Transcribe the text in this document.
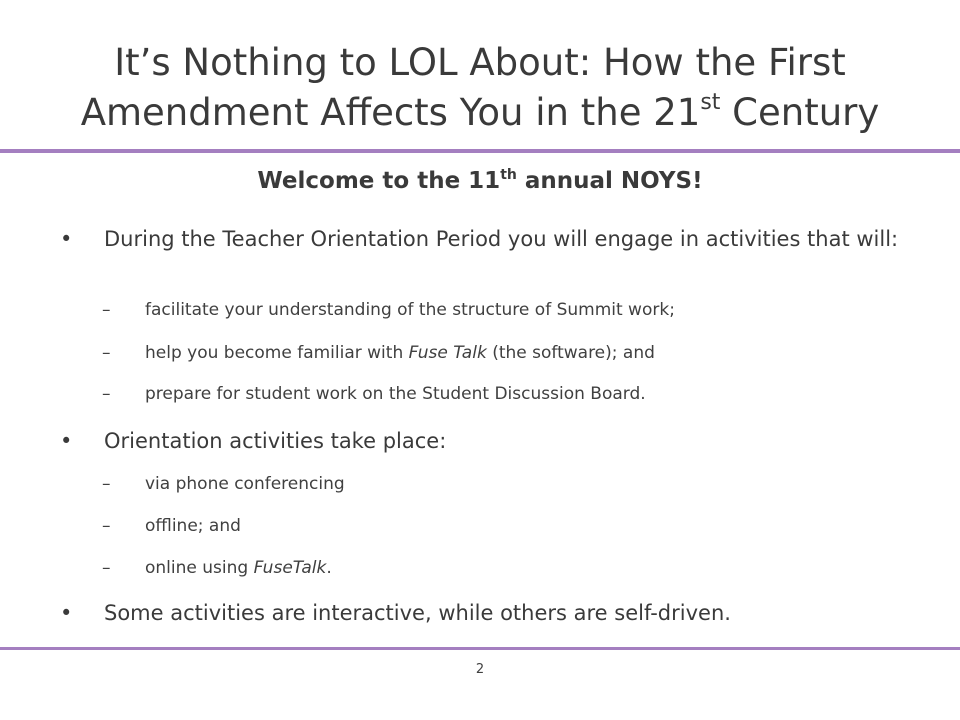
It’s Nothing to LOL About: How the First
Amendment Affects You in the 21st Century
Welcome to the 11th annual NOYS!
• During the Teacher Orientation Period you will engage in activities that will:
– facilitate your understanding of the structure of Summit work;
– help you become familiar with Fuse Talk (the software); and
– prepare for student work on the Student Discussion Board.
• Orientation activities take place:
– via phone conferencing
– offline; and
– online using FuseTalk.
• Some activities are interactive, while others are self-driven.
2
